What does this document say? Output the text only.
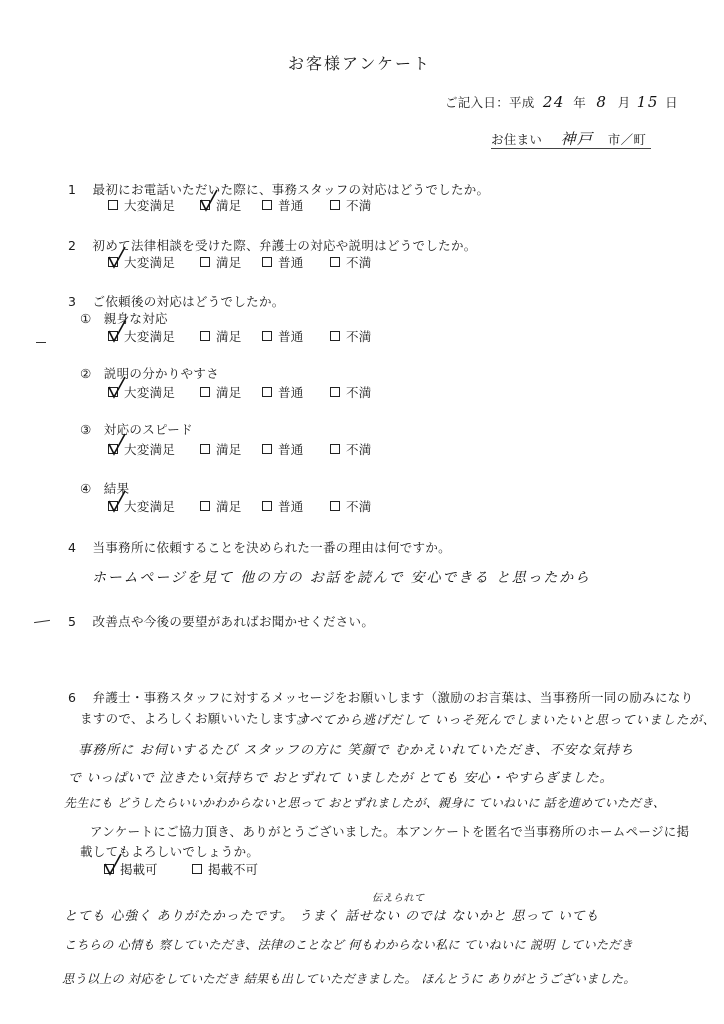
お客様アンケート
ご記入日：平成 24 年 8 月 15 日
お住まい 神戸 市／町
1 最初にお電話いただいた際に、事務スタッフの対応はどうでしたか。
大変満足	満足	普通	不満
2 初めて法律相談を受けた際、弁護士の対応や説明はどうでしたか。
大変満足	満足	普通	不満
3 ご依頼後の対応はどうでしたか。
① 親身な対応
大変満足	満足	普通	不満
② 説明の分かりやすさ
大変満足	満足	普通	不満
③ 対応のスピード
大変満足	満足	普通	不満
④ 結果
大変満足	満足	普通	不満
4 当事務所に依頼することを決められた一番の理由は何ですか。
ホームページを見て 他の方の お話を読んで 安心できる と思ったから
5 改善点や今後の要望があればお聞かせください。
6 弁護士・事務スタッフに対するメッセージをお願いします（激励のお言葉は、当事務所一同の励みになり
ますので、よろしくお願いいたします。）
すべてから逃げだして いっそ死んでしまいたいと思っていましたが、
事務所に お伺いするたび スタッフの方に 笑顔で むかえいれていただき、不安な気持ち
で いっぱいで 泣きたい気持ちで おとずれて いましたが とても 安心・やすらぎました。
先生にも どうしたらいいかわからないと思って おとずれましたが、親身に ていねいに 話を進めていただき、
アンケートにご協力頂き、ありがとうございました。本アンケートを匿名で当事務所のホームページに掲
載してもよろしいでしょうか。
掲載可	掲載不可
伝えられて
とても 心強く ありがたかったです。 うまく 話せない のでは ないかと 思って いても
こちらの 心情も 察していただき、法律のことなど 何もわからない私に ていねいに 説明 していただき
思う以上の 対応をしていただき 結果も出していただきました。 ほんとうに ありがとうございました。
